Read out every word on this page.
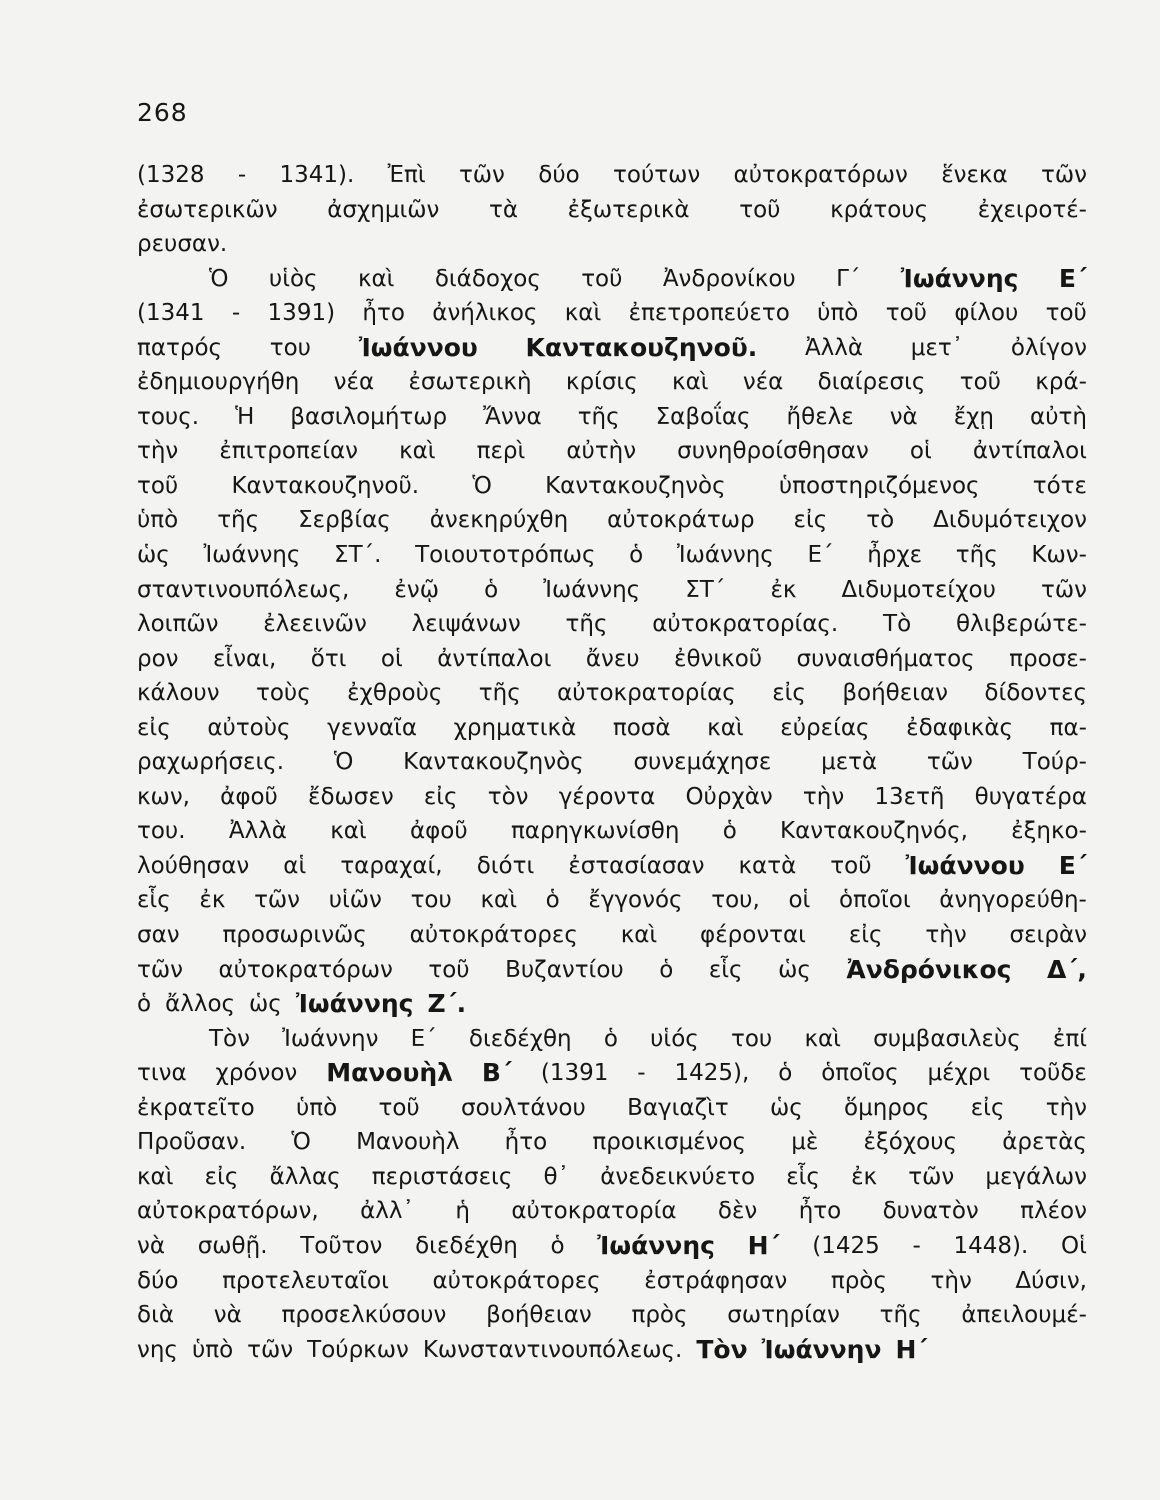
268
(1328 - 1341). Ἐπὶ τῶν δύο τούτων αὐτοκρατόρων ἕνεκα τῶν
ἐσωτερικῶν ἀσχημιῶν τὰ ἐξωτερικὰ τοῦ κράτους ἐχειροτέ-
ρευσαν.
Ὁ υἱὸς καὶ διάδοχος τοῦ Ἀνδρονίκου Γ΄ Ἰωάννης Ε΄
(1341 - 1391) ἦτο ἀνήλικος καὶ ἐπετροπεύετο ὑπὸ τοῦ φίλου τοῦ
πατρός του Ἰωάννου Καντακουζηνοῦ. Ἀλλὰ μετ᾽ ὀλίγον
ἐδημιουργήθη νέα ἐσωτερικὴ κρίσις καὶ νέα διαίρεσις τοῦ κρά-
τους. Ἡ βασιλομήτωρ Ἄννα τῆς Σαβοΐας ἤθελε νὰ ἔχῃ αὐτὴ
τὴν ἐπιτροπείαν καὶ περὶ αὐτὴν συνηθροίσθησαν οἱ ἀντίπαλοι
τοῦ Καντακουζηνοῦ. Ὁ Καντακουζηνὸς ὑποστηριζόμενος τότε
ὑπὸ τῆς Σερβίας ἀνεκηρύχθη αὐτοκράτωρ εἰς τὸ Διδυμότειχον
ὡς Ἰωάννης ΣΤ΄. Τοιουτοτρόπως ὁ Ἰωάννης Ε΄ ἦρχε τῆς Κων-
σταντινουπόλεως, ἐνῷ ὁ Ἰωάννης ΣΤ΄ ἐκ Διδυμοτείχου τῶν
λοιπῶν ἐλεεινῶν λειψάνων τῆς αὐτοκρατορίας. Τὸ θλιβερώτε-
ρον εἶναι, ὅτι οἱ ἀντίπαλοι ἄνευ ἐθνικοῦ συναισθήματος προσε-
κάλουν τοὺς ἐχθροὺς τῆς αὐτοκρατορίας εἰς βοήθειαν δίδοντες
εἰς αὐτοὺς γενναῖα χρηματικὰ ποσὰ καὶ εὐρείας ἐδαφικὰς πα-
ραχωρήσεις. Ὁ Καντακουζηνὸς συνεμάχησε μετὰ τῶν Τούρ-
κων, ἀφοῦ ἔδωσεν εἰς τὸν γέροντα Οὐρχὰν τὴν 13ετῆ θυγατέρα
του. Ἀλλὰ καὶ ἀφοῦ παρηγκωνίσθη ὁ Καντακουζηνός, ἐξηκο-
λούθησαν αἱ ταραχαί, διότι ἐστασίασαν κατὰ τοῦ Ἰωάννου Ε΄
εἷς ἐκ τῶν υἱῶν του καὶ ὁ ἔγγονός του, οἱ ὁποῖοι ἀνηγορεύθη-
σαν προσωρινῶς αὐτοκράτορες καὶ φέρονται εἰς τὴν σειρὰν
τῶν αὐτοκρατόρων τοῦ Βυζαντίου ὁ εἷς ὡς Ἀνδρόνικος Δ΄,
ὁ ἄλλος ὡς Ἰωάννης Ζ΄.
Τὸν Ἰωάννην Ε΄ διεδέχθη ὁ υἱός του καὶ συμβασιλεὺς ἐπί
τινα χρόνον Μανουὴλ Β΄ (1391 - 1425), ὁ ὁποῖος μέχρι τοῦδε
ἐκρατεῖτο ὑπὸ τοῦ σουλτάνου Βαγιαζὶτ ὡς ὅμηρος εἰς τὴν
Προῦσαν. Ὁ Μανουὴλ ἦτο προικισμένος μὲ ἐξόχους ἀρετὰς
καὶ εἰς ἄλλας περιστάσεις θ᾽ ἀνεδεικνύετο εἷς ἐκ τῶν μεγάλων
αὐτοκρατόρων, ἀλλ᾽ ἡ αὐτοκρατορία δὲν ἦτο δυνατὸν πλέον
νὰ σωθῇ. Τοῦτον διεδέχθη ὁ Ἰωάννης Η΄ (1425 - 1448). Οἱ
δύο προτελευταῖοι αὐτοκράτορες ἐστράφησαν πρὸς τὴν Δύσιν,
διὰ νὰ προσελκύσουν βοήθειαν πρὸς σωτηρίαν τῆς ἀπειλουμέ-
νης ὑπὸ τῶν Τούρκων Κωνσταντινουπόλεως. Τὸν Ἰωάννην Η΄
